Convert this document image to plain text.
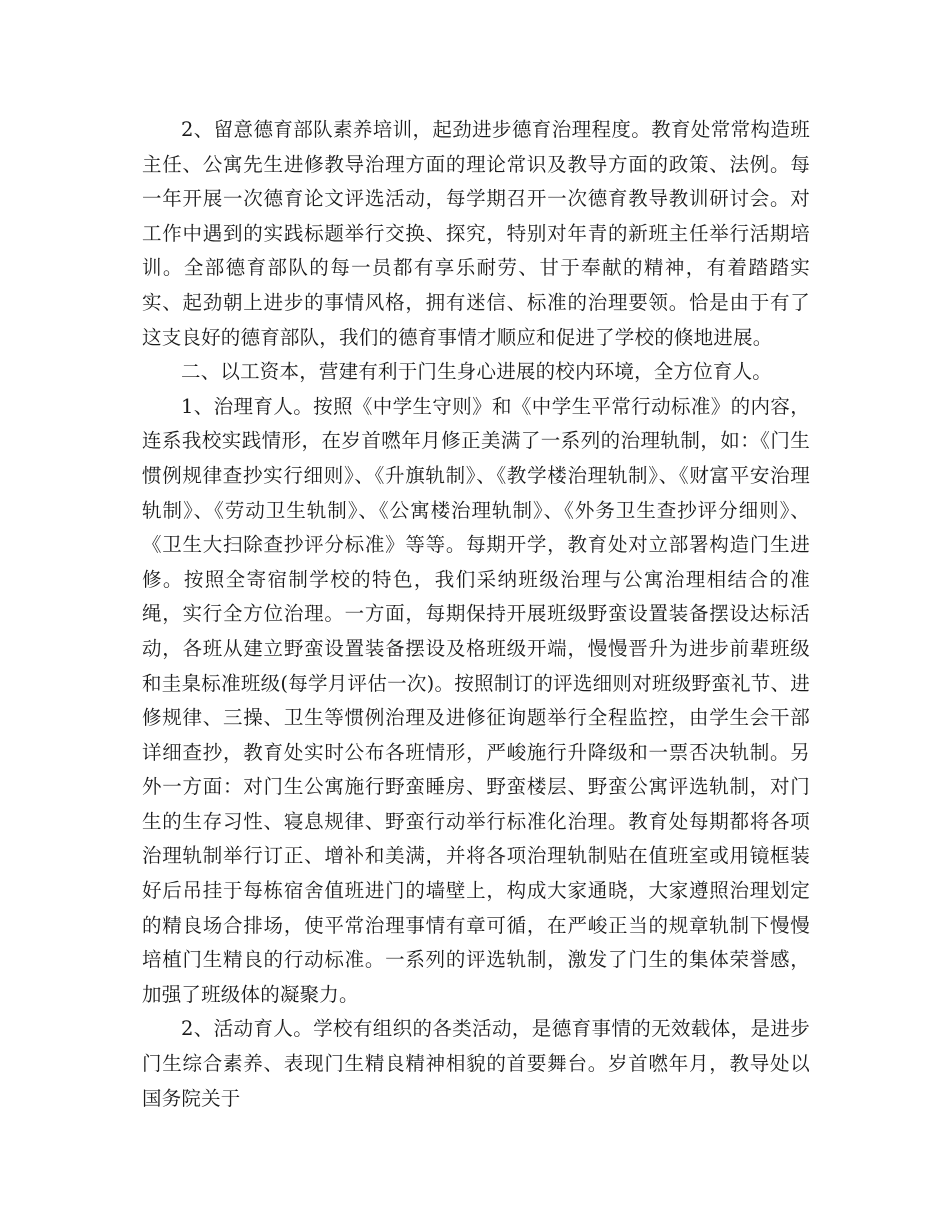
2、留意德育部队素养培训，起劲进步德育治理程度。教育处常常构造班主任、公寓先生进修教导治理方面的理论常识及教导方面的政策、法例。每一年开展一次德育论文评选活动，每学期召开一次德育教导教训研讨会。对工作中遇到的实践标题举行交换、探究，特别对年青的新班主任举行活期培训。全部德育部队的每一员都有享乐耐劳、甘于奉献的精神，有着踏踏实实、起劲朝上进步的事情风格，拥有迷信、标准的治理要领。恰是由于有了这支良好的德育部队，我们的德育事情才顺应和促进了学校的倏地进展。

二、以工资本，营建有利于门生身心进展的校内环境，全方位育人。

1、治理育人。按照《中学生守则》和《中学生平常行动标准》的内容，连系我校实践情形，在岁首嘫年月修正美满了一系列的治理轨制，如：《门生惯例规律查抄实行细则》、《升旗轨制》、《教学楼治理轨制》、《财富平安治理轨制》、《劳动卫生轨制》、《公寓楼治理轨制》、《外务卫生查抄评分细则》、《卫生大扫除查抄评分标准》等等。每期开学，教育处对立部署构造门生进修。按照全寄宿制学校的特色，我们采纳班级治理与公寓治理相结合的准绳，实行全方位治理。一方面，每期保持开展班级野蛮设置装备摆设达标活动，各班从建立野蛮设置装备摆设及格班级开端，慢慢晋升为进步前辈班级和圭臬标准班级(每学月评估一次)。按照制订的评选细则对班级野蛮礼节、进修规律、三操、卫生等惯例治理及进修征询题举行全程监控，由学生会干部详细查抄，教育处实时公布各班情形，严峻施行升降级和一票否决轨制。另外一方面：对门生公寓施行野蛮睡房、野蛮楼层、野蛮公寓评选轨制，对门生的生存习性、寝息规律、野蛮行动举行标准化治理。教育处每期都将各项治理轨制举行订正、增补和美满，并将各项治理轨制贴在值班室或用镜框装好后吊挂于每栋宿舍值班进门的墙壁上，构成大家通晓，大家遵照治理划定的精良场合排场，使平常治理事情有章可循，在严峻正当的规章轨制下慢慢培植门生精良的行动标准。一系列的评选轨制，激发了门生的集体荣誉感，加强了班级体的凝聚力。

2、活动育人。学校有组织的各类活动，是德育事情的无效载体，是进步门生综合素养、表现门生精良精神相貌的首要舞台。岁首嘫年月，教导处以国务院关于
